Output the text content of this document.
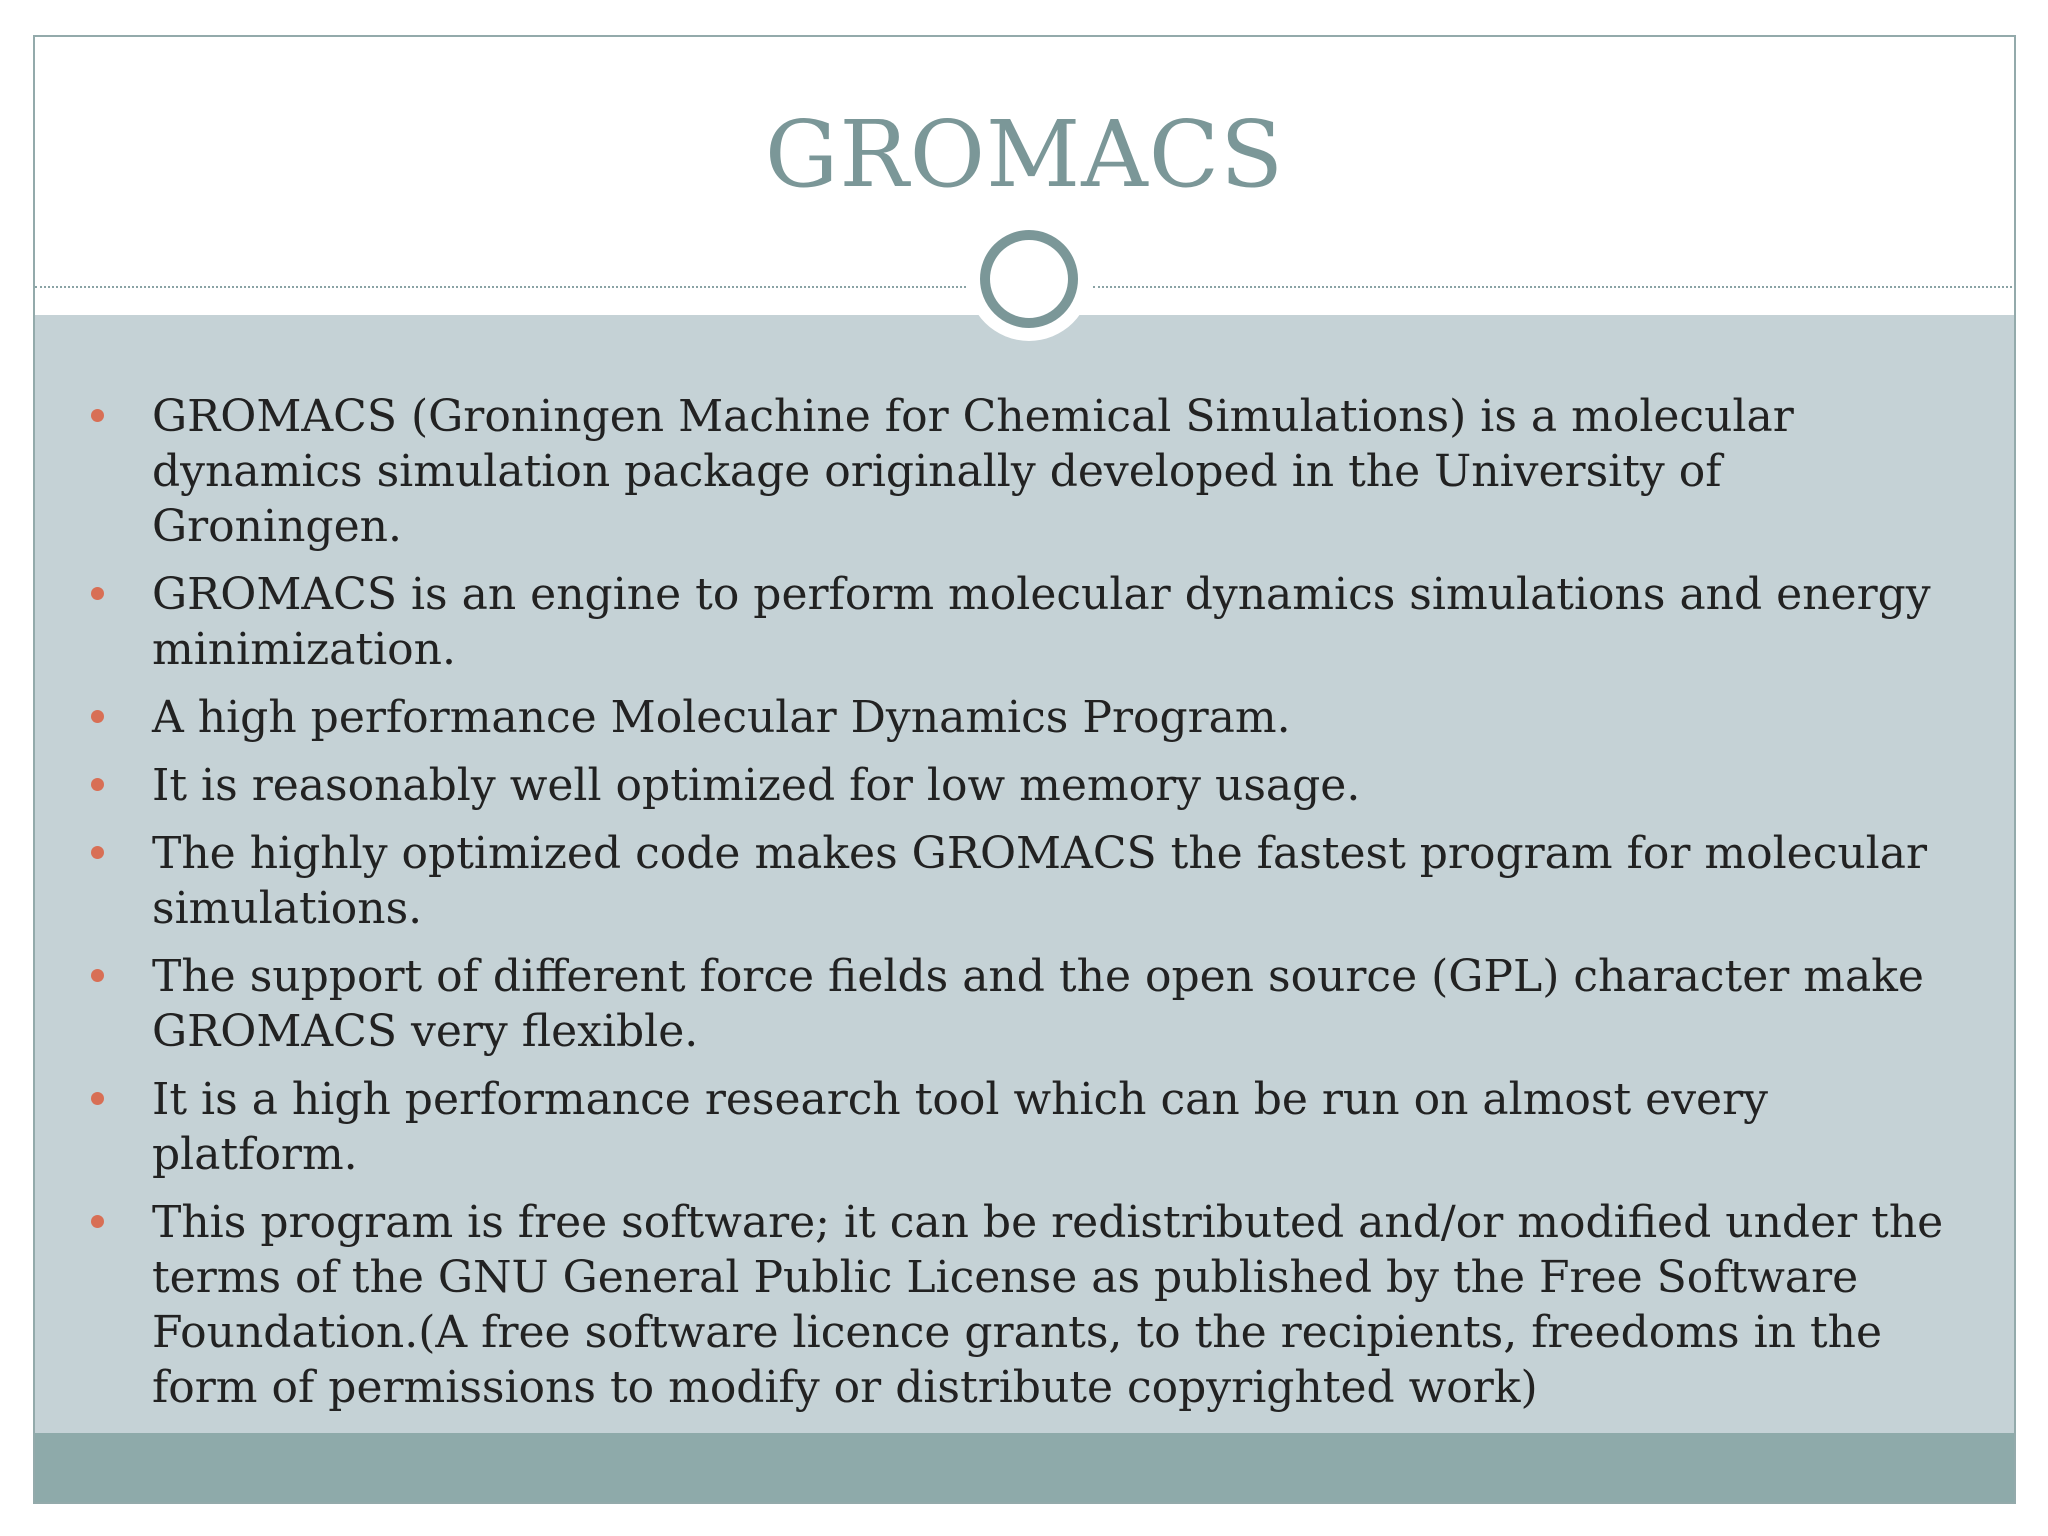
GROMACS
GROMACS (Groningen Machine for Chemical Simulations) is a molecular dynamics simulation package originally developed in the University of Groningen.
GROMACS is an engine to perform molecular dynamics simulations and energy minimization.
A high performance Molecular Dynamics Program.
It is reasonably well optimized for low memory usage.
The highly optimized code makes GROMACS the fastest program for molecular simulations.
The support of different force fields and the open source (GPL) character make GROMACS very flexible.
It is a high performance research tool which can be run on almost every platform.
This program is free software; it can be redistributed and/or modified under the terms of the GNU General Public License as published by the Free Software Foundation.(A free software licence grants, to the recipients, freedoms in the form of permissions to modify or distribute copyrighted work)
